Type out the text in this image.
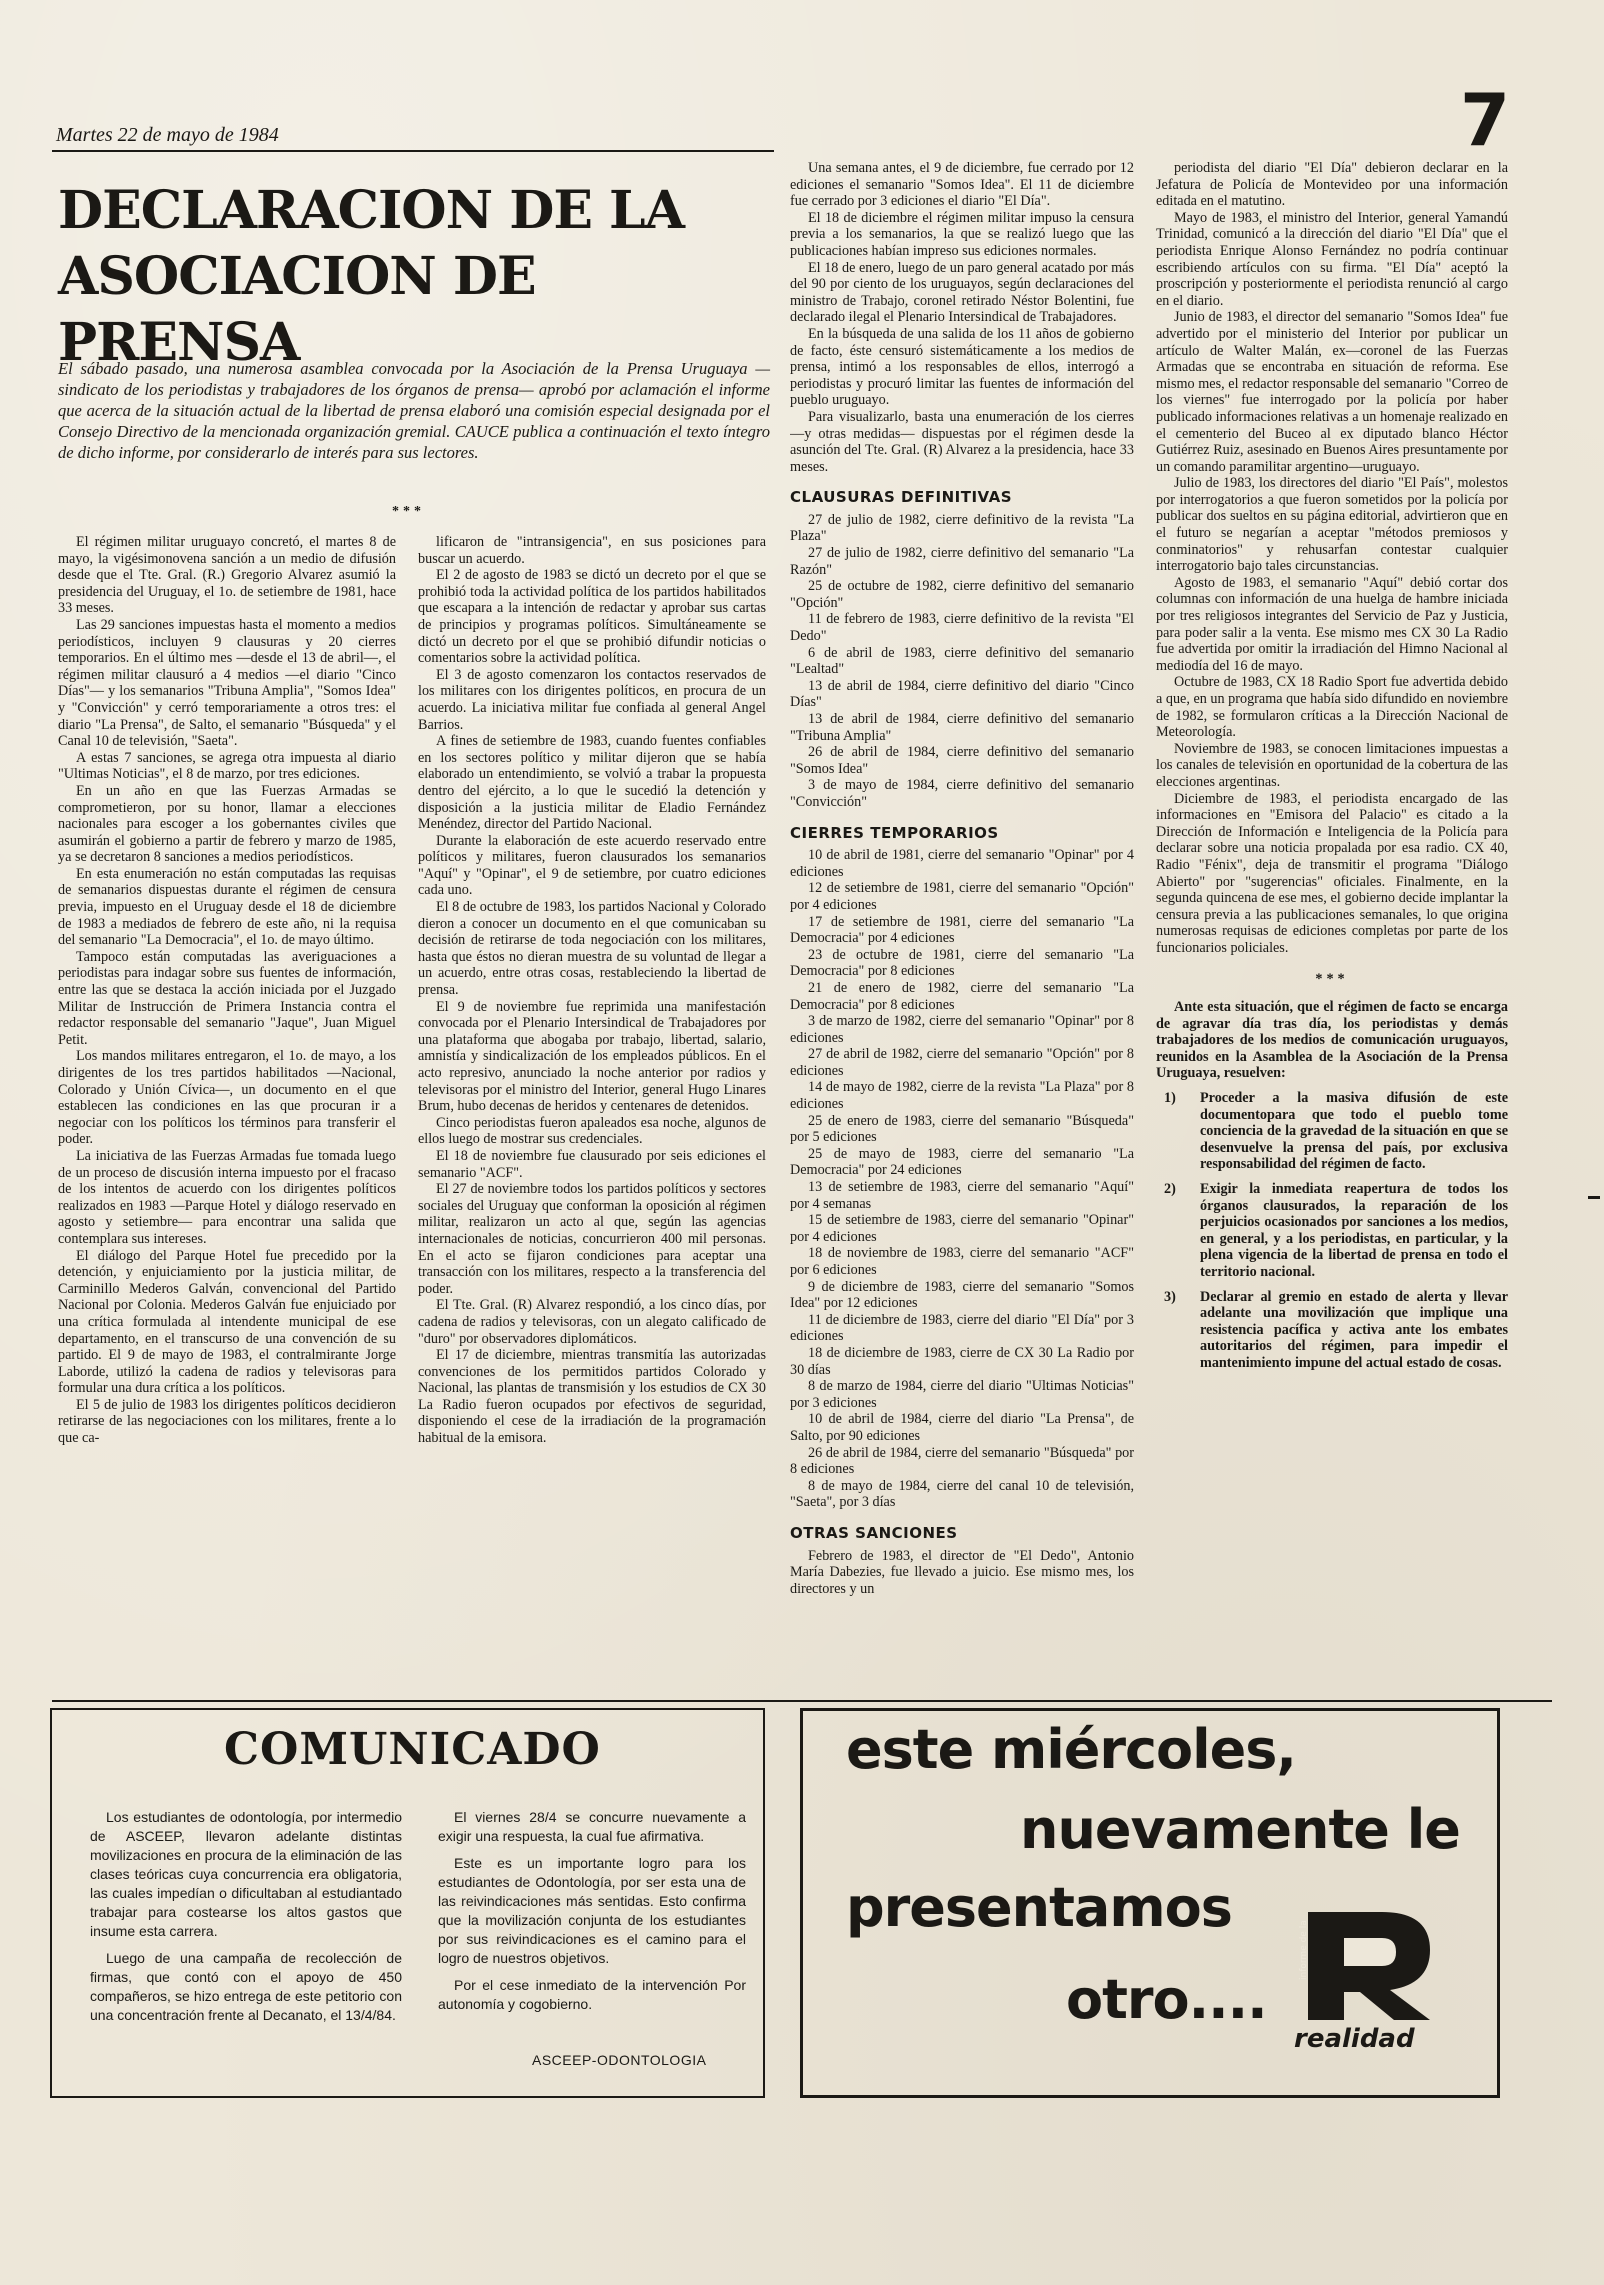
Martes 22 de mayo de 1984	7
DECLARACION DE LA
ASOCIACION DE PRENSA

El sábado pasado, una numerosa asamblea convocada por la Asociación de la Prensa Uruguaya —sindicato de los periodistas y trabajadores de los órganos de prensa— aprobó por aclamación el informe que acerca de la situación actual de la libertad de prensa elaboró una comisión especial designada por el Consejo Directivo de la mencionada organización gremial. CAUCE publica a continuación el texto íntegro de dicho informe, por considerarlo de interés para sus lectores.

***

El régimen militar uruguayo concretó, el martes 8 de mayo, la vigésimonovena sanción a un medio de difusión desde que el Tte. Gral. (R.) Gregorio Alvarez asumió la presidencia del Uruguay, el 1o. de setiembre de 1981, hace 33 meses.

Las 29 sanciones impuestas hasta el momento a medios periodísticos, incluyen 9 clausuras y 20 cierres temporarios. En el último mes —desde el 13 de abril—, el régimen militar clausuró a 4 medios —el diario "Cinco Días"— y los semanarios "Tribuna Amplia", "Somos Idea" y "Convicción" y cerró temporariamente a otros tres: el diario "La Prensa", de Salto, el semanario "Búsqueda" y el Canal 10 de televisión, "Saeta".

A estas 7 sanciones, se agrega otra impuesta al diario "Ultimas Noticias", el 8 de marzo, por tres ediciones.

En un año en que las Fuerzas Armadas se comprometieron, por su honor, llamar a elecciones nacionales para escoger a los gobernantes civiles que asumirán el gobierno a partir de febrero y marzo de 1985, ya se decretaron 8 sanciones a medios periodísticos.

En esta enumeración no están computadas las requisas de semanarios dispuestas durante el régimen de censura previa, impuesto en el Uruguay desde el 18 de diciembre de 1983 a mediados de febrero de este año, ni la requisa del semanario "La Democracia", el 1o. de mayo último.

Tampoco están computadas las averiguaciones a periodistas para indagar sobre sus fuentes de información, entre las que se destaca la acción iniciada por el Juzgado Militar de Instrucción de Primera Instancia contra el redactor responsable del semanario "Jaque", Juan Miguel Petit.

Los mandos militares entregaron, el 1o. de mayo, a los dirigentes de los tres partidos habilitados —Nacional, Colorado y Unión Cívica—, un documento en el que establecen las condiciones en las que procuran ir a negociar con los políticos los términos para transferir el poder.

La iniciativa de las Fuerzas Armadas fue tomada luego de un proceso de discusión interna impuesto por el fracaso de los intentos de acuerdo con los dirigentes políticos realizados en 1983 —Parque Hotel y diálogo reservado en agosto y setiembre— para encontrar una salida que contemplara sus intereses.

El diálogo del Parque Hotel fue precedido por la detención, y enjuiciamiento por la justicia militar, de Carminillo Mederos Galván, convencional del Partido Nacional por Colonia. Mederos Galván fue enjuiciado por una crítica formulada al intendente municipal de ese departamento, en el transcurso de una convención de su partido. El 9 de mayo de 1983, el contralmirante Jorge Laborde, utilizó la cadena de radios y televisoras para formular una dura crítica a los políticos.

El 5 de julio de 1983 los dirigentes políticos decidieron retirarse de las negociaciones con los militares, frente a lo que ca-

lificaron de "intransigencia", en sus posiciones para buscar un acuerdo.

El 2 de agosto de 1983 se dictó un decreto por el que se prohibió toda la actividad política de los partidos habilitados que escapara a la intención de redactar y aprobar sus cartas de principios y programas políticos. Simultáneamente se dictó un decreto por el que se prohibió difundir noticias o comentarios sobre la actividad política.

El 3 de agosto comenzaron los contactos reservados de los militares con los dirigentes políticos, en procura de un acuerdo. La iniciativa militar fue confiada al general Angel Barrios.

A fines de setiembre de 1983, cuando fuentes confiables en los sectores político y militar dijeron que se había elaborado un entendimiento, se volvió a trabar la propuesta dentro del ejército, a lo que le sucedió la detención y disposición a la justicia militar de Eladio Fernández Menéndez, director del Partido Nacional.

Durante la elaboración de este acuerdo reservado entre políticos y militares, fueron clausurados los semanarios "Aquí" y "Opinar", el 9 de setiembre, por cuatro ediciones cada uno.

El 8 de octubre de 1983, los partidos Nacional y Colorado dieron a conocer un documento en el que comunicaban su decisión de retirarse de toda negociación con los militares, hasta que éstos no dieran muestra de su voluntad de llegar a un acuerdo, entre otras cosas, restableciendo la libertad de prensa.

El 9 de noviembre fue reprimida una manifestación convocada por el Plenario Intersindical de Trabajadores por una plataforma que abogaba por trabajo, libertad, salario, amnistía y sindicalización de los empleados públicos. En el acto represivo, anunciado la noche anterior por radios y televisoras por el ministro del Interior, general Hugo Linares Brum, hubo decenas de heridos y centenares de detenidos.

Cinco periodistas fueron apaleados esa noche, algunos de ellos luego de mostrar sus credenciales.

El 18 de noviembre fue clausurado por seis ediciones el semanario "ACF".

El 27 de noviembre todos los partidos políticos y sectores sociales del Uruguay que conforman la oposición al régimen militar, realizaron un acto al que, según las agencias internacionales de noticias, concurrieron 400 mil personas. En el acto se fijaron condiciones para aceptar una transacción con los militares, respecto a la transferencia del poder.

El Tte. Gral. (R) Alvarez respondió, a los cinco días, por cadena de radios y televisoras, con un alegato calificado de "duro" por observadores diplomáticos.

El 17 de diciembre, mientras transmitía las autorizadas convenciones de los permitidos partidos Colorado y Nacional, las plantas de transmisión y los estudios de CX 30 La Radio fueron ocupados por efectivos de seguridad, disponiendo el cese de la irradiación de la programación habitual de la emisora.

Una semana antes, el 9 de diciembre, fue cerrado por 12 ediciones el semanario "Somos Idea". El 11 de diciembre fue cerrado por 3 ediciones el diario "El Día".

El 18 de diciembre el régimen militar impuso la censura previa a los semanarios, la que se realizó luego que las publicaciones habían impreso sus ediciones normales.

El 18 de enero, luego de un paro general acatado por más del 90 por ciento de los uruguayos, según declaraciones del ministro de Trabajo, coronel retirado Néstor Bolentini, fue declarado ilegal el Plenario Intersindical de Trabajadores.

En la búsqueda de una salida de los 11 años de gobierno de facto, éste censuró sistemáticamente a los medios de prensa, intimó a los responsables de ellos, interrogó a periodistas y procuró limitar las fuentes de información del pueblo uruguayo.

Para visualizarlo, basta una enumeración de los cierres —y otras medidas— dispuestas por el régimen desde la asunción del Tte. Gral. (R) Alvarez a la presidencia, hace 33 meses.

CLAUSURAS DEFINITIVAS

27 de julio de 1982, cierre definitivo de la revista "La Plaza"

27 de julio de 1982, cierre definitivo del semanario "La Razón"

25 de octubre de 1982, cierre definitivo del semanario "Opción"

11 de febrero de 1983, cierre definitivo de la revista "El Dedo"

6 de abril de 1983, cierre definitivo del semanario "Lealtad"

13 de abril de 1984, cierre definitivo del diario "Cinco Días"

13 de abril de 1984, cierre definitivo del semanario "Tribuna Amplia"

26 de abril de 1984, cierre definitivo del semanario "Somos Idea"

3 de mayo de 1984, cierre definitivo del semanario "Convicción"

CIERRES TEMPORARIOS

10 de abril de 1981, cierre del semanario "Opinar" por 4 ediciones

12 de setiembre de 1981, cierre del semanario "Opción" por 4 ediciones

17 de setiembre de 1981, cierre del semanario "La Democracia" por 4 ediciones

23 de octubre de 1981, cierre del semanario "La Democracia" por 8 ediciones

21 de enero de 1982, cierre del semanario "La Democracia" por 8 ediciones

3 de marzo de 1982, cierre del semanario "Opinar" por 8 ediciones

27 de abril de 1982, cierre del semanario "Opción" por 8 ediciones

14 de mayo de 1982, cierre de la revista "La Plaza" por 8 ediciones

25 de enero de 1983, cierre del semanario "Búsqueda" por 5 ediciones

25 de mayo de 1983, cierre del semanario "La Democracia" por 24 ediciones

13 de setiembre de 1983, cierre del semanario "Aquí" por 4 semanas

15 de setiembre de 1983, cierre del semanario "Opinar" por 4 ediciones

18 de noviembre de 1983, cierre del semanario "ACF" por 6 ediciones

9 de diciembre de 1983, cierre del semanario "Somos Idea" por 12 ediciones

11 de diciembre de 1983, cierre del diario "El Día" por 3 ediciones

18 de diciembre de 1983, cierre de CX 30 La Radio por 30 días

8 de marzo de 1984, cierre del diario "Ultimas Noticias" por 3 ediciones

10 de abril de 1984, cierre del diario "La Prensa", de Salto, por 90 ediciones

26 de abril de 1984, cierre del semanario "Búsqueda" por 8 ediciones

8 de mayo de 1984, cierre del canal 10 de televisión, "Saeta", por 3 días

OTRAS SANCIONES

Febrero de 1983, el director de "El Dedo", Antonio María Dabezies, fue llevado a juicio. Ese mismo mes, los directores y un

periodista del diario "El Día" debieron declarar en la Jefatura de Policía de Montevideo por una información editada en el matutino.

Mayo de 1983, el ministro del Interior, general Yamandú Trinidad, comunicó a la dirección del diario "El Día" que el periodista Enrique Alonso Fernández no podría continuar escribiendo artículos con su firma. "El Día" aceptó la proscripción y posteriormente el periodista renunció al cargo en el diario.

Junio de 1983, el director del semanario "Somos Idea" fue advertido por el ministerio del Interior por publicar un artículo de Walter Malán, ex—coronel de las Fuerzas Armadas que se encontraba en situación de reforma. Ese mismo mes, el redactor responsable del semanario "Correo de los viernes" fue interrogado por la policía por haber publicado informaciones relativas a un homenaje realizado en el cementerio del Buceo al ex diputado blanco Héctor Gutiérrez Ruiz, asesinado en Buenos Aires presuntamente por un comando paramilitar argentino—uruguayo.

Julio de 1983, los directores del diario "El País", molestos por interrogatorios a que fueron sometidos por la policía por publicar dos sueltos en su página editorial, advirtieron que en el futuro se negarían a aceptar "métodos premiosos y conminatorios" y rehusarfan contestar cualquier interrogatorio bajo tales circunstancias.

Agosto de 1983, el semanario "Aquí" debió cortar dos columnas con información de una huelga de hambre iniciada por tres religiosos integrantes del Servicio de Paz y Justicia, para poder salir a la venta. Ese mismo mes CX 30 La Radio fue advertida por omitir la irradiación del Himno Nacional al mediodía del 16 de mayo.

Octubre de 1983, CX 18 Radio Sport fue advertida debido a que, en un programa que había sido difundido en noviembre de 1982, se formularon críticas a la Dirección Nacional de Meteorología.

Noviembre de 1983, se conocen limitaciones impuestas a los canales de televisión en oportunidad de la cobertura de las elecciones argentinas.

Diciembre de 1983, el periodista encargado de las informaciones en "Emisora del Palacio" es citado a la Dirección de Información e Inteligencia de la Policía para declarar sobre una noticia propalada por esa radio. CX 40, Radio "Fénix", deja de transmitir el programa "Diálogo Abierto" por "sugerencias" oficiales. Finalmente, en la segunda quincena de ese mes, el gobierno decide implantar la censura previa a las publicaciones semanales, lo que origina numerosas requisas de ediciones completas por parte de los funcionarios policiales.

***

Ante esta situación, que el régimen de facto se encarga de agravar día tras día, los periodistas y demás trabajadores de los medios de comunicación uruguayos, reunidos en la Asamblea de la Asociación de la Prensa Uruguaya, resuelven:

1)	Proceder a la masiva difusión de este documentopara que todo el pueblo tome conciencia de la gravedad de la situación en que se desenvuelve la prensa del país, por exclusiva responsabilidad del régimen de facto.
2)	Exigir la inmediata reapertura de todos los órganos clausurados, la reparación de los perjuicios ocasionados por sanciones a los medios, en general, y a los periodistas, en particular, y la plena vigencia de la libertad de prensa en todo el territorio nacional.
3)	Declarar al gremio en estado de alerta y llevar adelante una movilización que implique una resistencia pacífica y activa ante los embates autoritarios del régimen, para impedir el mantenimiento impune del actual estado de cosas.
COMUNICADO

Los estudiantes de odontología, por intermedio de ASCEEP, llevaron adelante distintas movilizaciones en procura de la eliminación de las clases teóricas cuya concurrencia era obligatoria, las cuales impedían o dificultaban al estudiantado trabajar para costearse los altos gastos que insume esta carrera.

Luego de una campaña de recolección de firmas, que contó con el apoyo de 450 compañeros, se hizo entrega de este petitorio con una concentración frente al Decanato, el 13/4/84.

El viernes 28/4 se concurre nuevamente a exigir una respuesta, la cual fue afirmativa.

Este es un importante logro para los estudiantes de Odontología, por ser esta una de las reivindicaciones más sentidas. Esto confirma que la movilización conjunta de los estudiantes por sus reivindicaciones es el camino para el logro de nuestros objetivos.

Por el cese inmediato de la intervención Por autonomía y cogobierno.

ASCEEP-ODONTOLOGIA
este miércoles,
nuevamente le
presentamos
otro....
informe de la
realidad
